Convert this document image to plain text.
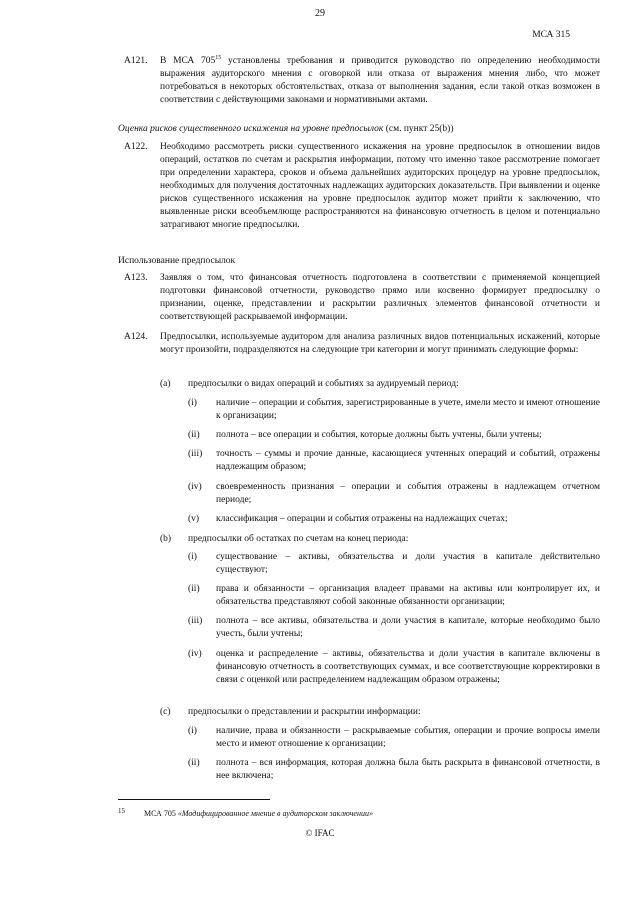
29
МСА 315
A121. В МСА $705^{15}$ установлены требования и приводится руководство по определению необходимости выражения аудиторского мнения с оговоркой или отказа от выражения мнения либо, что может потребоваться в некоторых обстоятельствах, отказа от выполнения задания, если такой отказ возможен в соответствии с действующими законами и нормативными актами.
Оценка рисков существенного искажения на уровне предпосылок (см. пункт 25(b))
A122. Необходимо рассмотреть риски существенного искажения на уровне предпосылок в отношении видов операций, остатков по счетам и раскрытия информации, потому что именно такое рассмотрение помогает при определении характера, сроков и объема дальнейших аудиторских процедур на уровне предпосылок, необходимых для получения достаточных надлежащих аудиторских доказательств. При выявлении и оценке рисков существенного искажения на уровне предпосылок аудитор может прийти к заключению, что выявленные риски всеобъемлюще распространяются на финансовую отчетность в целом и потенциально затрагивают многие предпосылки.
Использование предпосылок
A123. Заявляя о том, что финансовая отчетность подготовлена в соответствии с применяемой концепцией подготовки финансовой отчетности, руководство прямо или косвенно формирует предпосылку о признании, оценке, представлении и раскрытии различных элементов финансовой отчетности и соответствующей раскрываемой информации.
A124. Предпосылки, используемые аудитором для анализа различных видов потенциальных искажений, которые могут произойти, подразделяются на следующие три категории и могут принимать следующие формы:
(a) предпосылки о видах операций и событиях за аудируемый период:
(i) наличие – операции и события, зарегистрированные в учете, имели место и имеют отношение к организации;
(ii) полнота – все операции и события, которые должны быть учтены, были учтены;
(iii) точность – суммы и прочие данные, касающиеся учтенных операций и событий, отражены надлежащим образом;
(iv) своевременность признания – операции и события отражены в надлежащем отчетном периоде;
(v) классификация – операции и события отражены на надлежащих счетах;
(b) предпосылки об остатках по счетам на конец периода:
(i) существование – активы, обязательства и доли участия в капитале действительно существуют;
(ii) права и обязанности – организация владеет правами на активы или контролирует их, и обязательства представляют собой законные обязанности организации;
(iii) полнота – все активы, обязательства и доли участия в капитале, которые необходимо было учесть, были учтены;
(iv) оценка и распределение – активы, обязательства и доли участия в капитале включены в финансовую отчетность в соответствующих суммах, и все соответствующие корректировки в связи с оценкой или распределением надлежащим образом отражены;
(c) предпосылки о представлении и раскрытии информации:
(i) наличие, права и обязанности – раскрываемые события, операции и прочие вопросы имели место и имеют отношение к организации;
(ii) полнота – вся информация, которая должна была быть раскрыта в финансовой отчетности, в нее включена;
15 МСА 705 «Модифицированное мнение в аудиторском заключении»
© IFAC
